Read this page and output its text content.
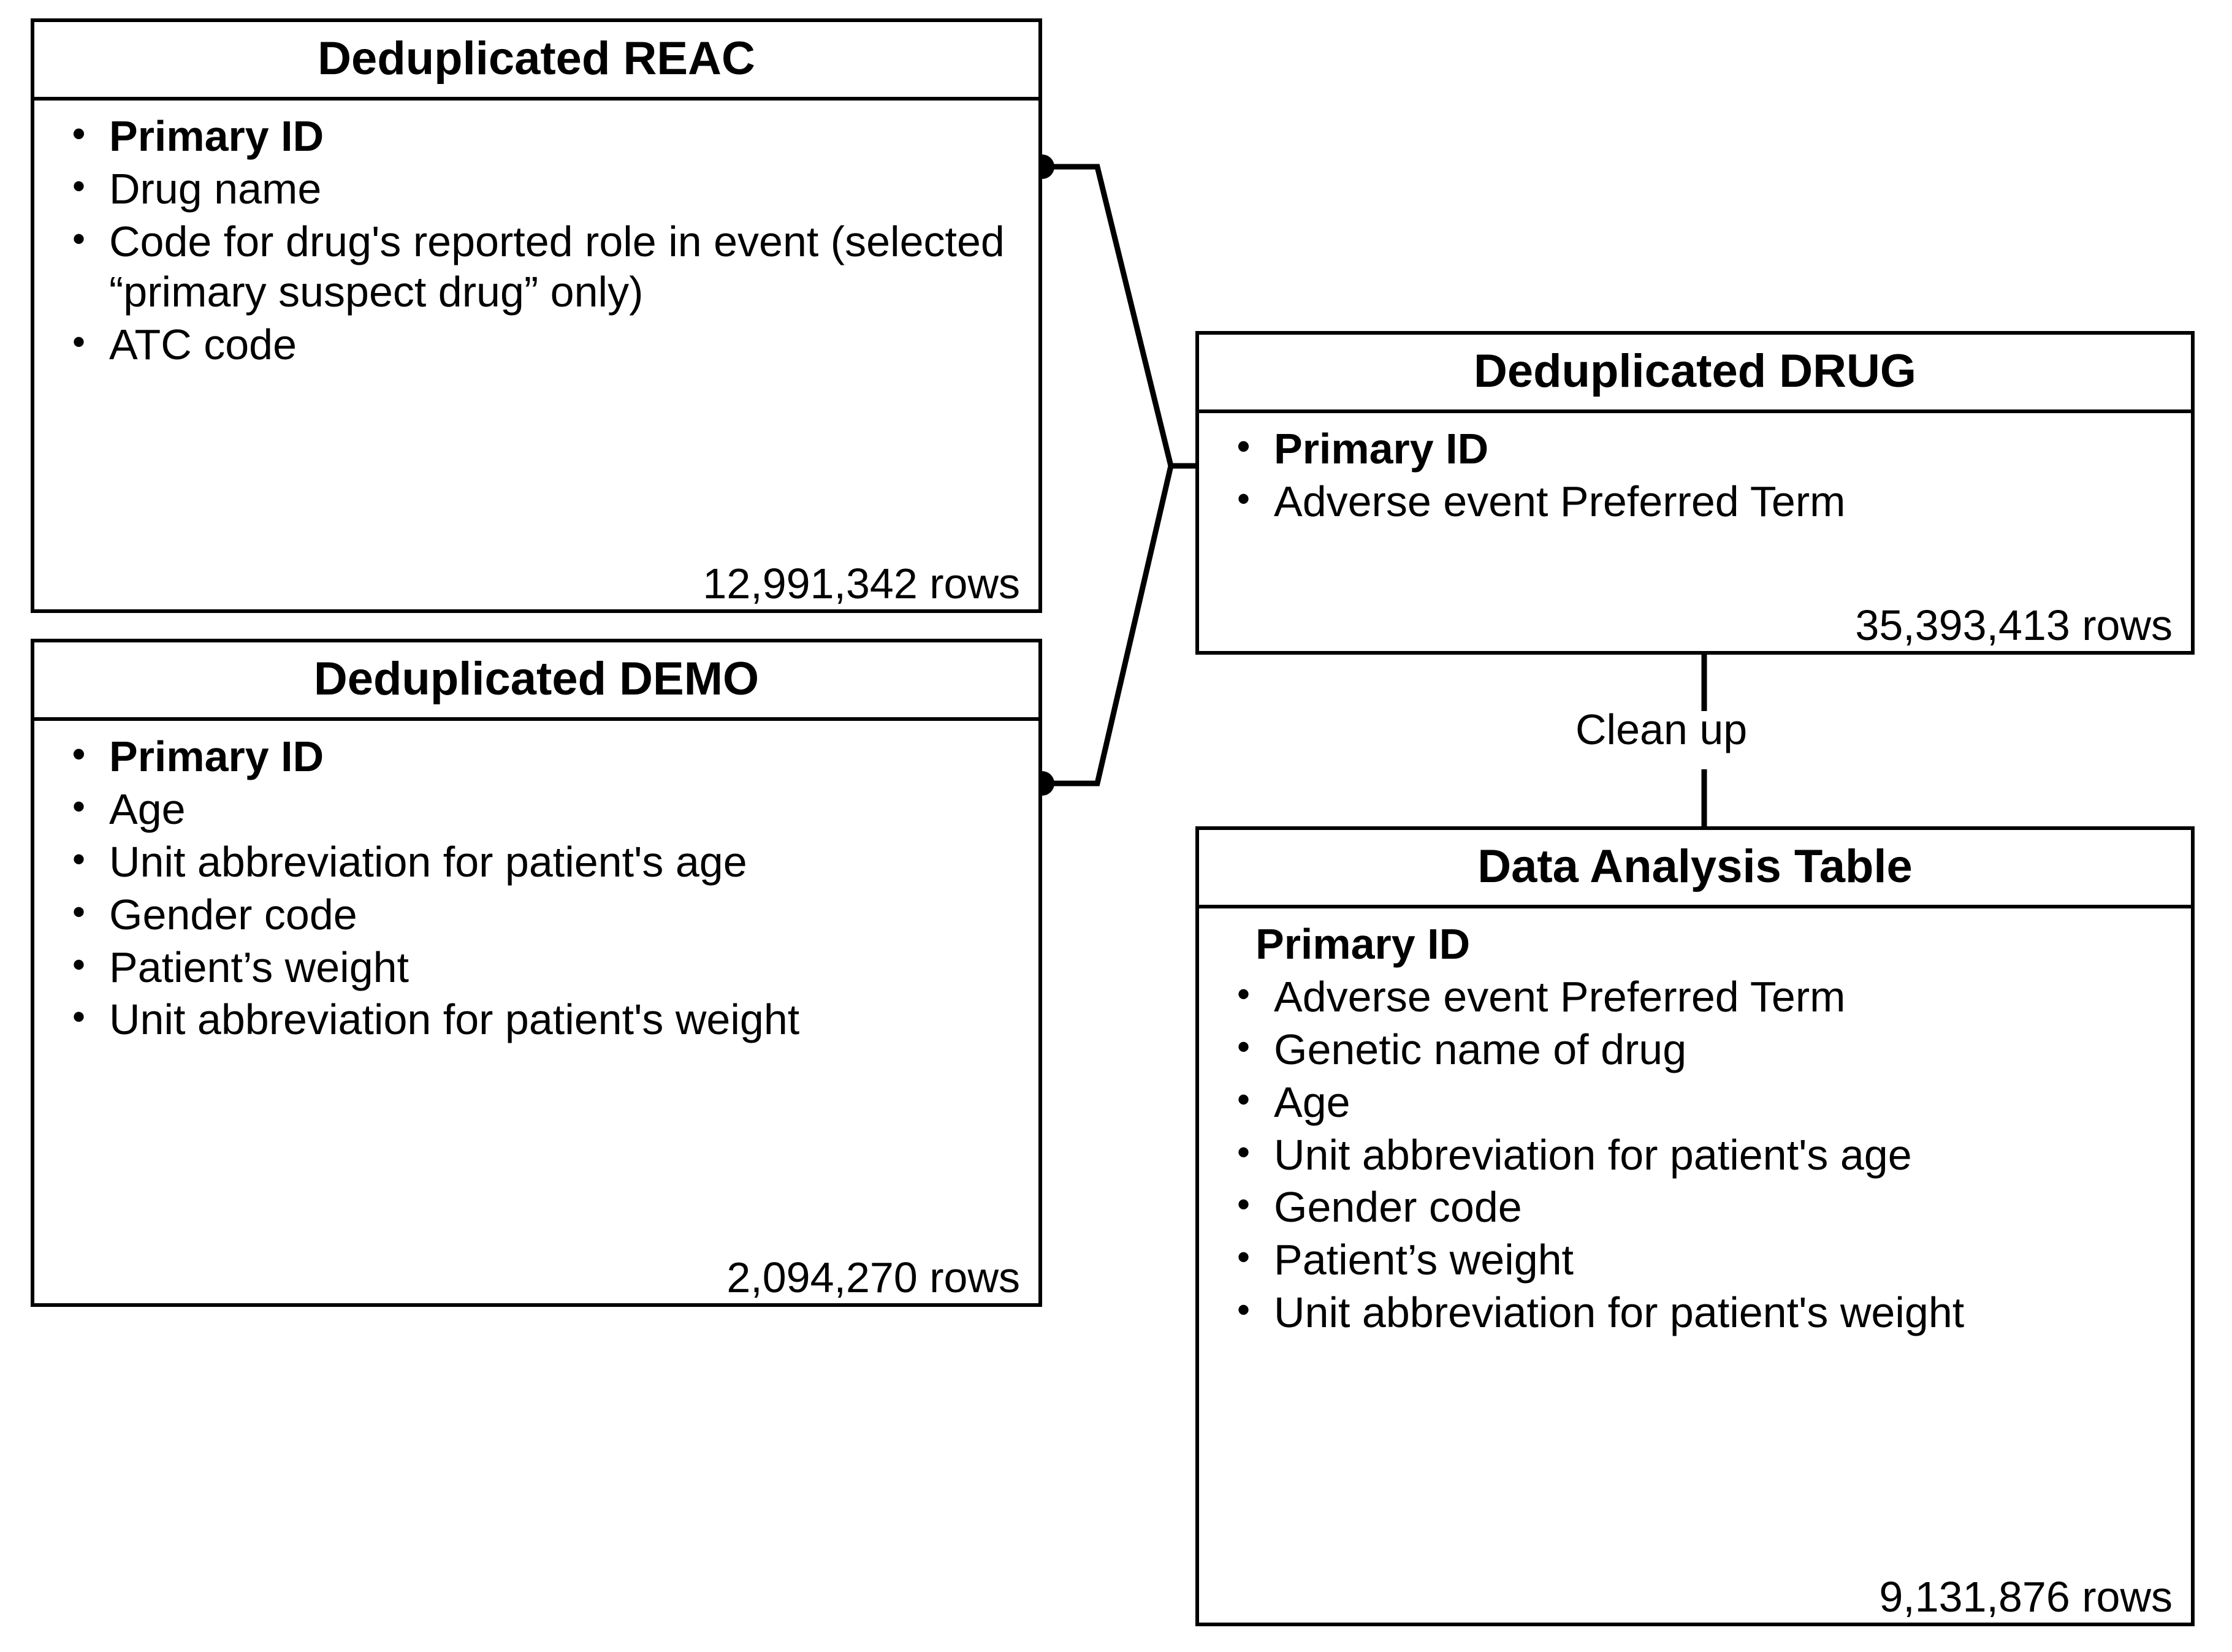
Clean up
Deduplicated REAC
• Primary ID
• Drug name
• Code for drug's reported role in event (selected “primary suspect drug” only)
• ATC code
12,991,342 rows
Deduplicated DEMO
• Primary ID
• Age
• Unit abbreviation for patient's age
• Gender code
• Patient’s weight
• Unit abbreviation for patient's weight
2,094,270 rows
Deduplicated DRUG
• Primary ID
• Adverse event Preferred Term
35,393,413 rows
Data Analysis Table
Primary ID
• Adverse event Preferred Term
• Genetic name of drug
• Age
• Unit abbreviation for patient's age
• Gender code
• Patient’s weight
• Unit abbreviation for patient's weight
9,131,876 rows
